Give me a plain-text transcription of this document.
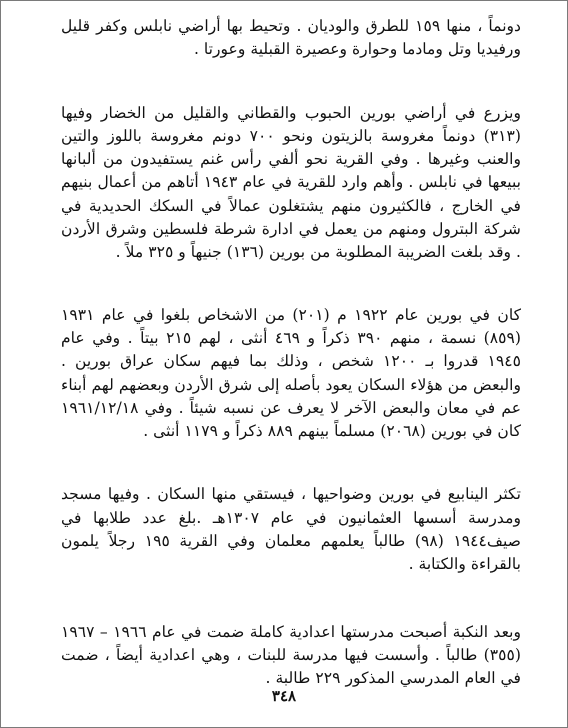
دونماً ، منها ١٥٩ للطرق والوديان . وتحيط بها أراضي نابلس وكفر قليل ورفيديا وتل ومادما وحوارة وعصيرة القبلية وعورتا .

ويزرع في أراضي بورين الحبوب والقطاني والقليل من الخضار وفيها (٣١٣) دونماً مغروسة بالزيتون ونحو ٧٠٠ دونم مغروسة باللوز والتين والعنب وغيرها . وفي القرية نحو ألفي رأس غنم يستفيدون من ألبانها ببيعها في نابلس . وأهم وارد للقرية في عام ١٩٤٣ أتاهم من أعمال بنيهم في الخارج ، فالكثيرون منهم يشتغلون عمالاً في السكك الحديدية في شركة البترول ومنهم من يعمل في ادارة شرطة فلسطين وشرق الأردن . وقد بلغت الضريبة المطلوبة من بورين (١٣٦) جنيهاً و ٣٢٥ ملاً .

كان في بورين عام ١٩٢٢ م (٢٠١) من الاشخاص بلغوا في عام ١٩٣١ (٨٥٩) نسمة ، منهم ٣٩٠ ذكراً و ٤٦٩ أنثى ، لهم ٢١٥ بيتاً . وفي عام ١٩٤٥ قدروا بـ ١٢٠٠ شخص ، وذلك بما فيهم سكان عراق بورين . والبعض من هؤلاء السكان يعود بأصله إلى شرق الأردن وبعضهم لهم أبناء عم في معان والبعض الآخر لا يعرف عن نسبه شيئاً . وفي ١٩٦١/١٢/١٨ كان في بورين (٢٠٦٨) مسلماً بينهم ٨٨٩ ذكراً و ١١٧٩ أنثى .

تكثر الينابيع في بورين وضواحيها ، فيستقي منها السكان . وفيها مسجد ومدرسة أسسها العثمانيون في عام ١٣٠٧هـ .بلغ عدد طلابها في صيف١٩٤٤ (٩٨) طالباً يعلمهم معلمان وفي القرية ١٩٥ رجلاً يلمون بالقراءة والكتابة .

وبعد النكبة أصبحت مدرستها اعدادية كاملة ضمت في عام ١٩٦٦ – ١٩٦٧ (٣٥٥) طالباً . وأسست فيها مدرسة للبنات ، وهي اعدادية أيضاً ، ضمت في العام المدرسي المذكور ٢٢٩ طالبة .

٣٤٨
